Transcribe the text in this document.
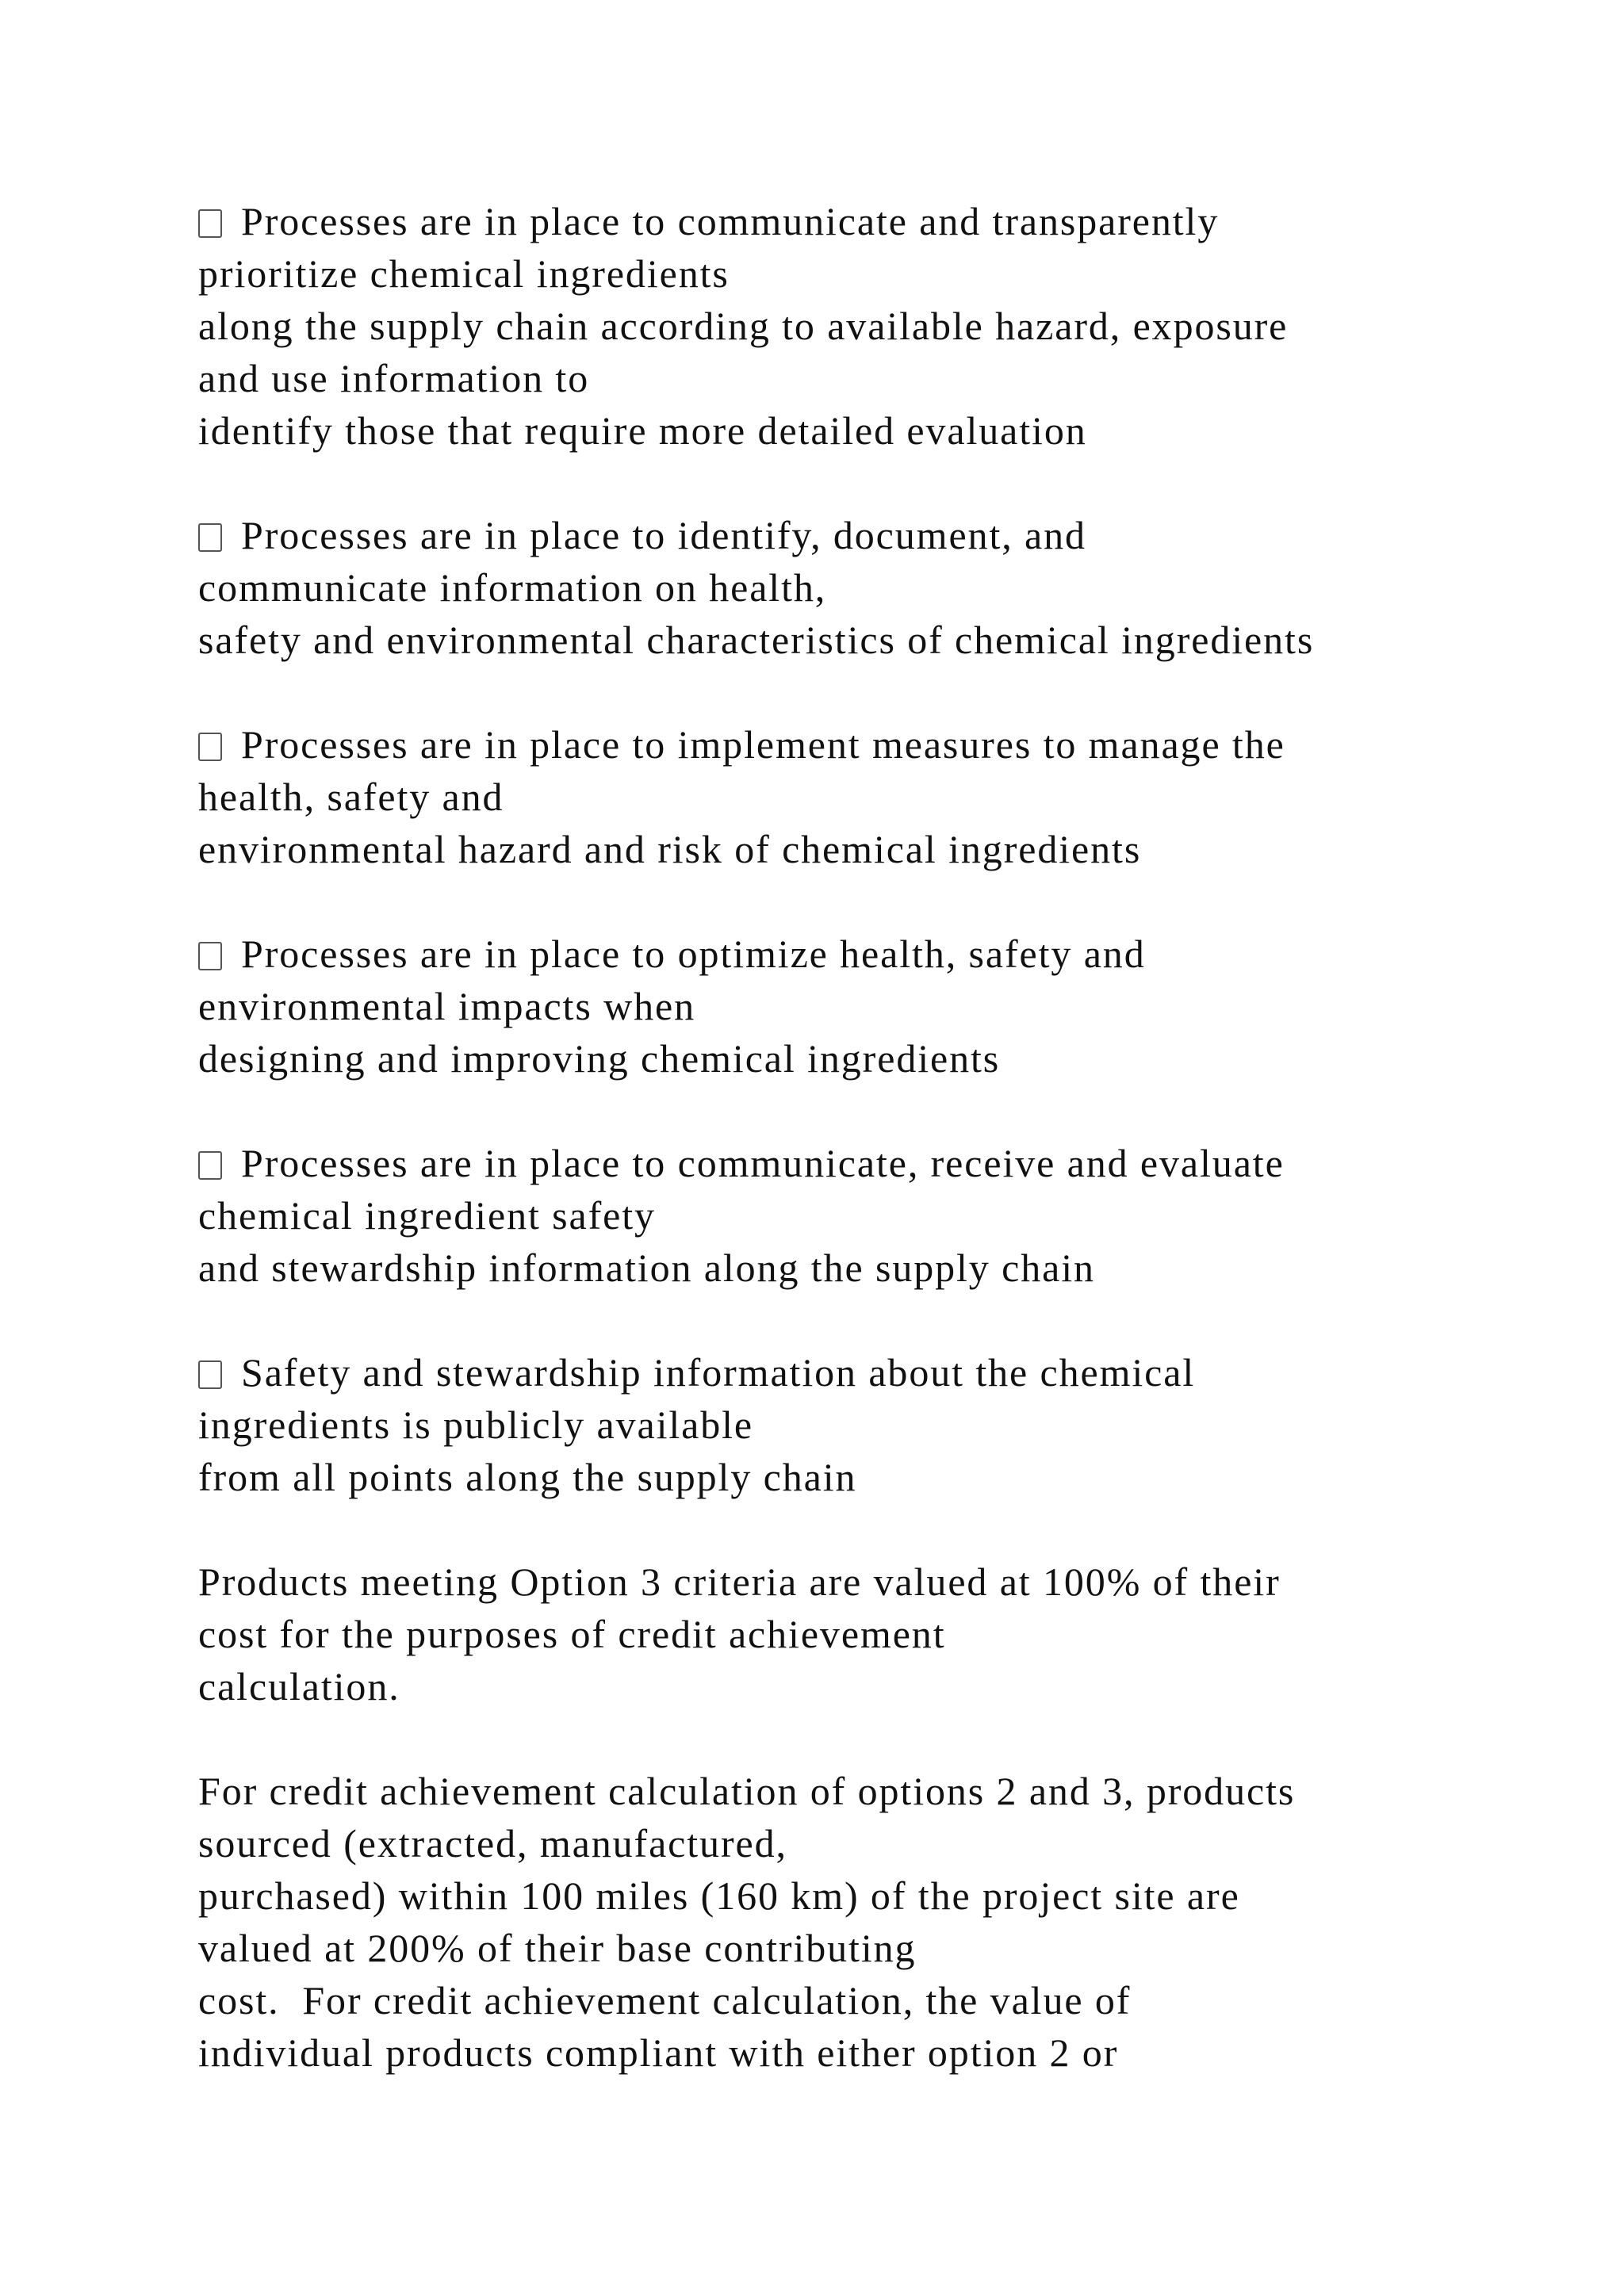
Processes are in place to communicate and transparently
prioritize chemical ingredients
along the supply chain according to available hazard, exposure
and use information to
identify those that require more detailed evaluation
Processes are in place to identify, document, and
communicate information on health,
safety and environmental characteristics of chemical ingredients
Processes are in place to implement measures to manage the
health, safety and
environmental hazard and risk of chemical ingredients
Processes are in place to optimize health, safety and
environmental impacts when
designing and improving chemical ingredients
Processes are in place to communicate, receive and evaluate
chemical ingredient safety
and stewardship information along the supply chain
Safety and stewardship information about the chemical
ingredients is publicly available
from all points along the supply chain
Products meeting Option 3 criteria are valued at 100% of their
cost for the purposes of credit achievement
calculation.
For credit achievement calculation of options 2 and 3, products
sourced (extracted, manufactured,
purchased) within 100 miles (160 km) of the project site are
valued at 200% of their base contributing
cost.  For credit achievement calculation, the value of
individual products compliant with either option 2 or
